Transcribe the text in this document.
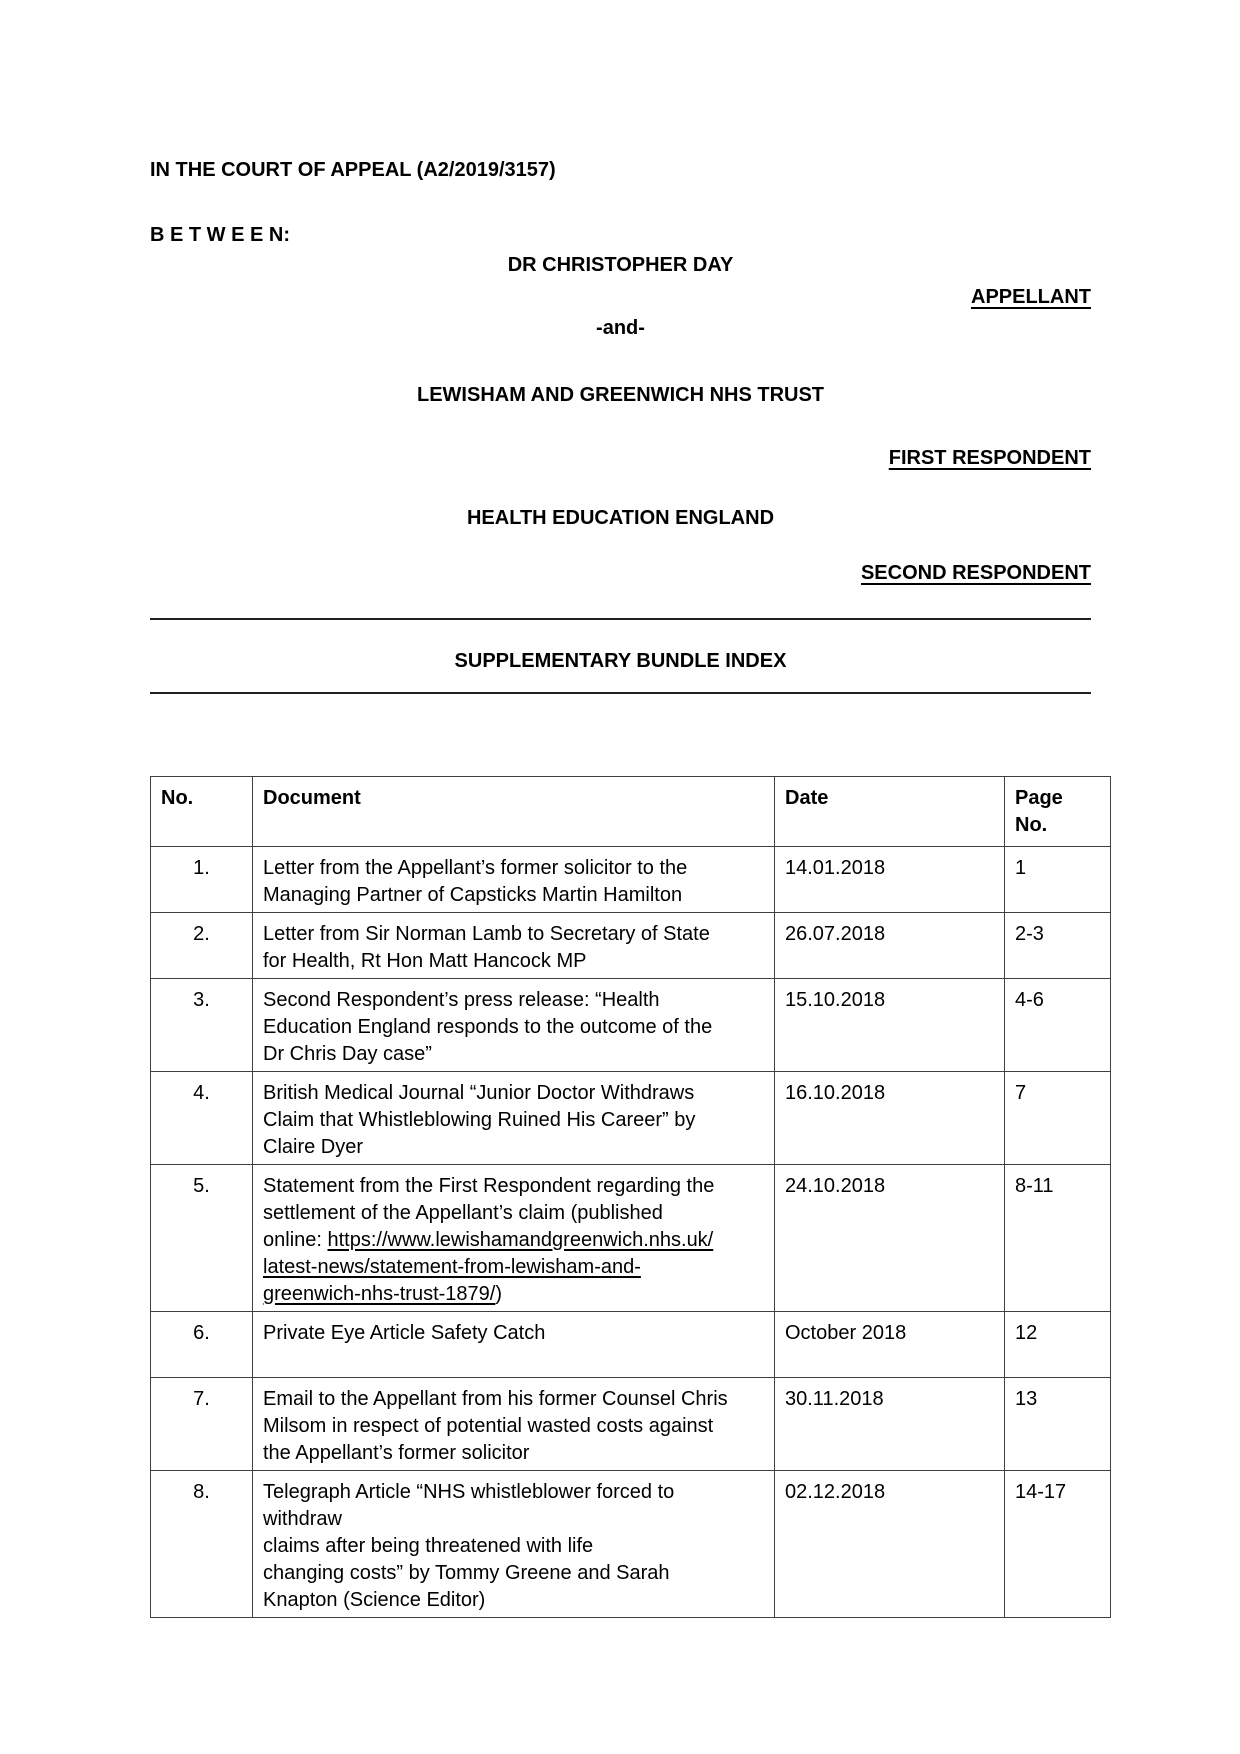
IN THE COURT OF APPEAL (A2/2019/3157)
B E T W E E N:
DR CHRISTOPHER DAY
APPELLANT
-and-
LEWISHAM AND GREENWICH NHS TRUST
FIRST RESPONDENT
HEALTH EDUCATION ENGLAND
SECOND RESPONDENT
SUPPLEMENTARY BUNDLE INDEX
No.	Document	Date	Page No.
1.	Letter from the Appellant’s former solicitor to the
Managing Partner of Capsticks Martin Hamilton	14.01.2018	1
2.	Letter from Sir Norman Lamb to Secretary of State
for Health, Rt Hon Matt Hancock MP	26.07.2018	2-3
3.	Second Respondent’s press release: “Health
Education England responds to the outcome of the
Dr Chris Day case”	15.10.2018	4-6
4.	British Medical Journal “Junior Doctor Withdraws
Claim that Whistleblowing Ruined His Career” by
Claire Dyer	16.10.2018	7
5.	Statement from the First Respondent regarding the
settlement of the Appellant’s claim (published
online: https://www.lewishamandgreenwich.nhs.uk/
latest-news/statement-from-lewisham-and-
greenwich-nhs-trust-1879/)	24.10.2018	8-11
6.	Private Eye Article Safety Catch	October 2018	12
7.	Email to the Appellant from his former Counsel Chris
Milsom in respect of potential wasted costs against
the Appellant’s former solicitor	30.11.2018	13
8.	Telegraph Article “NHS whistleblower forced to
withdraw
claims after being threatened with life
changing costs” by Tommy Greene and Sarah
Knapton (Science Editor)	02.12.2018	14-17
